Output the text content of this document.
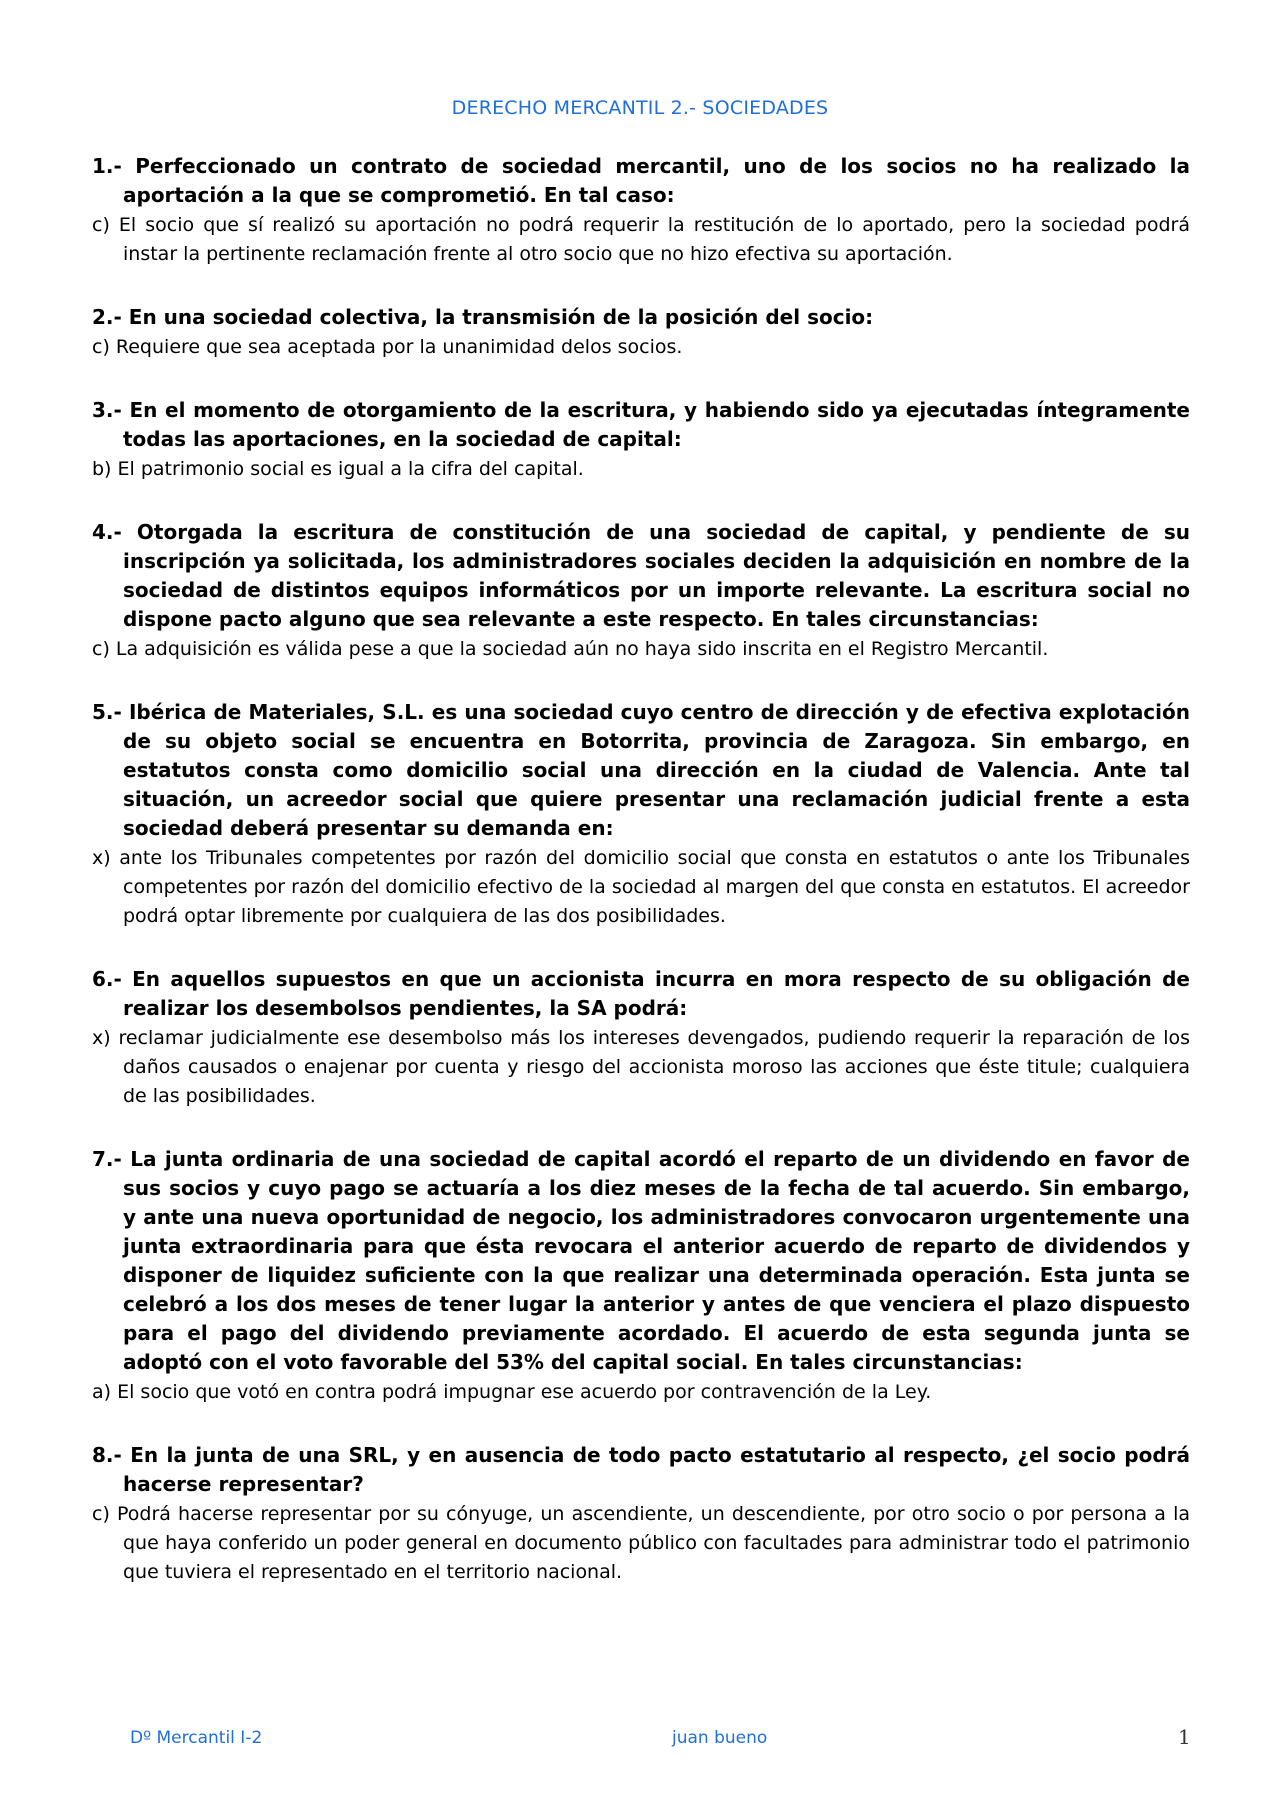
DERECHO MERCANTIL 2.- SOCIEDADES
1.- Perfeccionado un contrato de sociedad mercantil, uno de los socios no ha realizado la aportación a la que se comprometió. En tal caso:
c) El socio que sí realizó su aportación no podrá requerir la restitución de lo aportado, pero la sociedad podrá instar la pertinente reclamación frente al otro socio que no hizo efectiva su aportación.
2.- En una sociedad colectiva, la transmisión de la posición del socio:
c) Requiere que sea aceptada por la unanimidad delos socios.
3.- En el momento de otorgamiento de la escritura, y habiendo sido ya ejecutadas íntegramente todas las aportaciones, en la sociedad de capital:
b) El patrimonio social es igual a la cifra del capital.
4.- Otorgada la escritura de constitución de una sociedad de capital, y pendiente de su inscripción ya solicitada, los administradores sociales deciden la adquisición en nombre de la sociedad de distintos equipos informáticos por un importe relevante. La escritura social no dispone pacto alguno que sea relevante a este respecto. En tales circunstancias:
c) La adquisición es válida pese a que la sociedad aún no haya sido inscrita en el Registro Mercantil.
5.- Ibérica de Materiales, S.L. es una sociedad cuyo centro de dirección y de efectiva explotación de su objeto social se encuentra en Botorrita, provincia de Zaragoza. Sin embargo, en estatutos consta como domicilio social una dirección en la ciudad de Valencia. Ante tal situación, un acreedor social que quiere presentar una reclamación judicial frente a esta sociedad deberá presentar su demanda en:
x) ante los Tribunales competentes por razón del domicilio social que consta en estatutos o ante los Tribunales competentes por razón del domicilio efectivo de la sociedad al margen del que consta en estatutos. El acreedor podrá optar libremente por cualquiera de las dos posibilidades.
6.- En aquellos supuestos en que un accionista incurra en mora respecto de su obligación de realizar los desembolsos pendientes, la SA podrá:
x) reclamar judicialmente ese desembolso más los intereses devengados, pudiendo requerir la reparación de los daños causados o enajenar por cuenta y riesgo del accionista moroso las acciones que éste titule; cualquiera de las posibilidades.
7.- La junta ordinaria de una sociedad de capital acordó el reparto de un dividendo en favor de sus socios y cuyo pago se actuaría a los diez meses de la fecha de tal acuerdo. Sin embargo, y ante una nueva oportunidad de negocio, los administradores convocaron urgentemente una junta extraordinaria para que ésta revocara el anterior acuerdo de reparto de dividendos y disponer de liquidez suficiente con la que realizar una determinada operación. Esta junta se celebró a los dos meses de tener lugar la anterior y antes de que venciera el plazo dispuesto para el pago del dividendo previamente acordado. El acuerdo de esta segunda junta se adoptó con el voto favorable del 53% del capital social. En tales circunstancias:
a) El socio que votó en contra podrá impugnar ese acuerdo por contravención de la Ley.
8.- En la junta de una SRL, y en ausencia de todo pacto estatutario al respecto, ¿el socio podrá hacerse representar?
c) Podrá hacerse representar por su cónyuge, un ascendiente, un descendiente, por otro socio o por persona a la que haya conferido un poder general en documento público con facultades para administrar todo el patrimonio que tuviera el representado en el territorio nacional.
Dº Mercantil I-2	juan bueno	1
